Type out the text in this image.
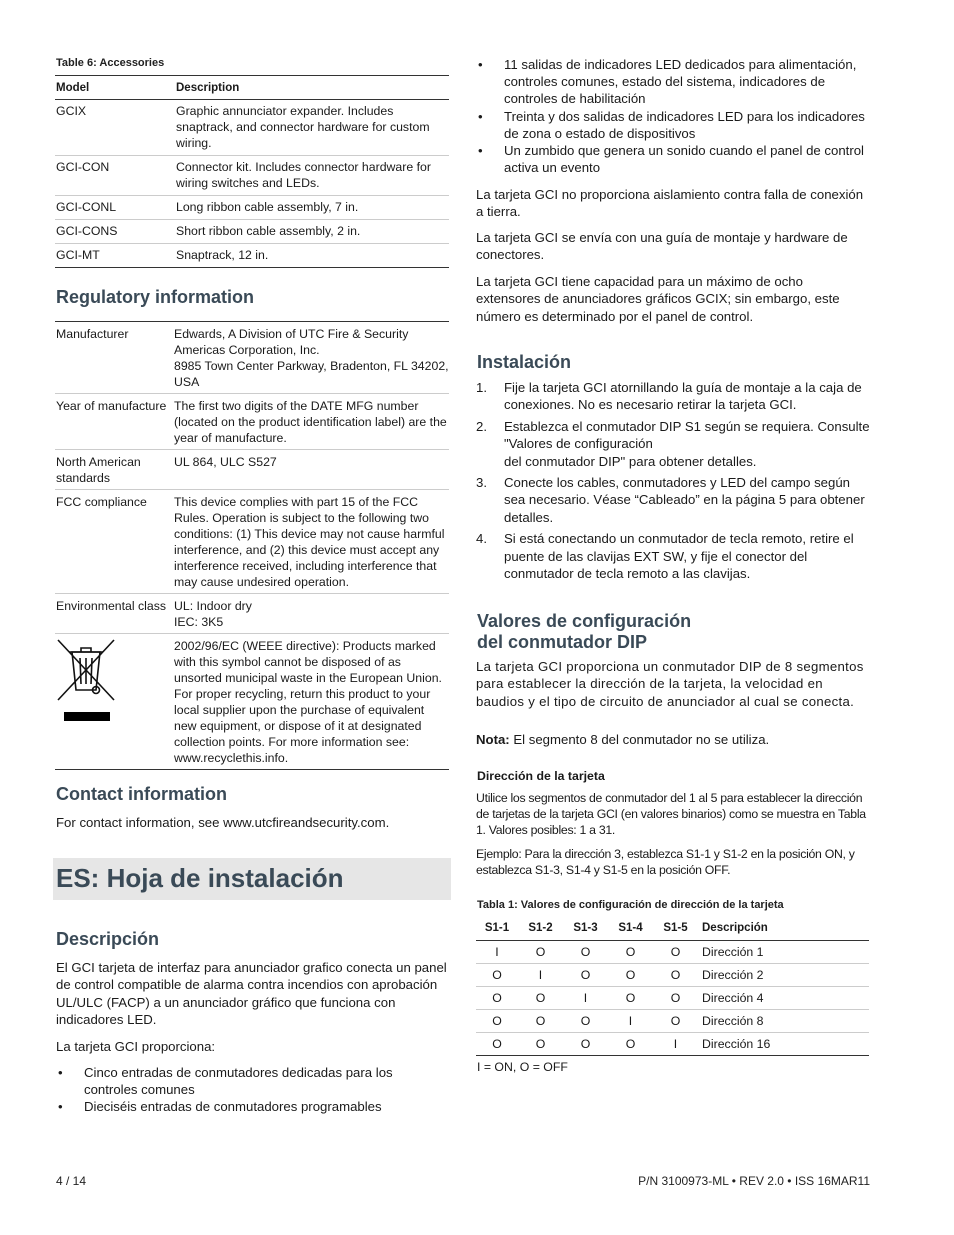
Table 6: Accessories
Model	Description
GCIX	Graphic annunciator expander. Includes snaptrack, and connector hardware for custom wiring.
GCI-CON	Connector kit. Includes connector hardware for wiring switches and LEDs.
GCI-CONL	Long ribbon cable assembly, 7 in.
GCI-CONS	Short ribbon cable assembly, 2 in.
GCI-MT	Snaptrack, 12 in.
Regulatory information
Manufacturer	Edwards, A Division of UTC Fire & Security Americas Corporation, Inc.
8985 Town Center Parkway, Bradenton, FL 34202, USA
Year of manufacture	The first two digits of the DATE MFG number (located on the product identification label) are the year of manufacture.
North American standards	UL 864, ULC S527
FCC compliance	This device complies with part 15 of the FCC Rules. Operation is subject to the following two conditions: (1) This device may not cause harmful interference, and (2) this device must accept any interference received, including interference that may cause undesired operation.
Environmental class	UL: Indoor dry
IEC: 3K5
	2002/96/EC (WEEE directive): Products marked with this symbol cannot be disposed of as unsorted municipal waste in the European Union. For proper recycling, return this product to your local supplier upon the purchase of equivalent new equipment, or dispose of it at designated collection points. For more information see: www.recyclethis.info.
Contact information
For contact information, see www.utcfireandsecurity.com.
ES: Hoja de instalación
Descripción
El GCI tarjeta de interfaz para anunciador grafico conecta un panel de control compatible de alarma contra incendios con aprobación UL/ULC (FACP) a un anunciador gráfico que funciona con indicadores LED.
La tarjeta GCI proporciona:
• Cinco entradas de conmutadores dedicadas para los controles comunes
• Dieciséis entradas de conmutadores programables
• 11 salidas de indicadores LED dedicados para alimentación, controles comunes, estado del sistema, indicadores de controles de habilitación
• Treinta y dos salidas de indicadores LED para los indicadores de zona o estado de dispositivos
• Un zumbido que genera un sonido cuando el panel de control activa un evento
La tarjeta GCI no proporciona aislamiento contra falla de conexión a tierra.
La tarjeta GCI se envía con una guía de montaje y hardware de conectores.
La tarjeta GCI tiene capacidad para un máximo de ocho extensores de anunciadores gráficos GCIX; sin embargo, este número es determinado por el panel de control.
Instalación
1. Fije la tarjeta GCI atornillando la guía de montaje a la caja de conexiones. No es necesario retirar la tarjeta GCI.
2. Establezca el conmutador DIP S1 según se requiera. Consulte "Valores de configuración
del conmutador DIP" para obtener detalles.
3. Conecte los cables, conmutadores y LED del campo según sea necesario. Véase “Cableado” en la página 5 para obtener detalles.
4. Si está conectando un conmutador de tecla remoto, retire el puente de las clavijas EXT SW, y fije el conector del conmutador de tecla remoto a las clavijas.
Valores de configuración
del conmutador DIP
La tarjeta GCI proporciona un conmutador DIP de 8 segmentos para establecer la dirección de la tarjeta, la velocidad en baudios y el tipo de circuito de anunciador al cual se conecta.
Nota: El segmento 8 del conmutador no se utiliza.
Dirección de la tarjeta
Utilice los segmentos de conmutador del 1 al 5 para establecer la dirección de tarjetas de la tarjeta GCI (en valores binarios) como se muestra en Tabla 1. Valores posibles: 1 a 31.
Ejemplo: Para la dirección 3, establezca S1-1 y S1-2 en la posición ON, y establezca S1-3, S1-4 y S1-5 en la posición OFF.
Tabla 1: Valores de configuración de dirección de la tarjeta
S1-1	S1-2	S1-3	S1-4	S1-5	Descripción
I	O	O	O	O	Dirección 1
O	I	O	O	O	Dirección 2
O	O	I	O	O	Dirección 4
O	O	O	I	O	Dirección 8
O	O	O	O	I	Dirección 16
I = ON, O = OFF
4 / 14	P/N 3100973-ML • REV 2.0 • ISS 16MAR11
